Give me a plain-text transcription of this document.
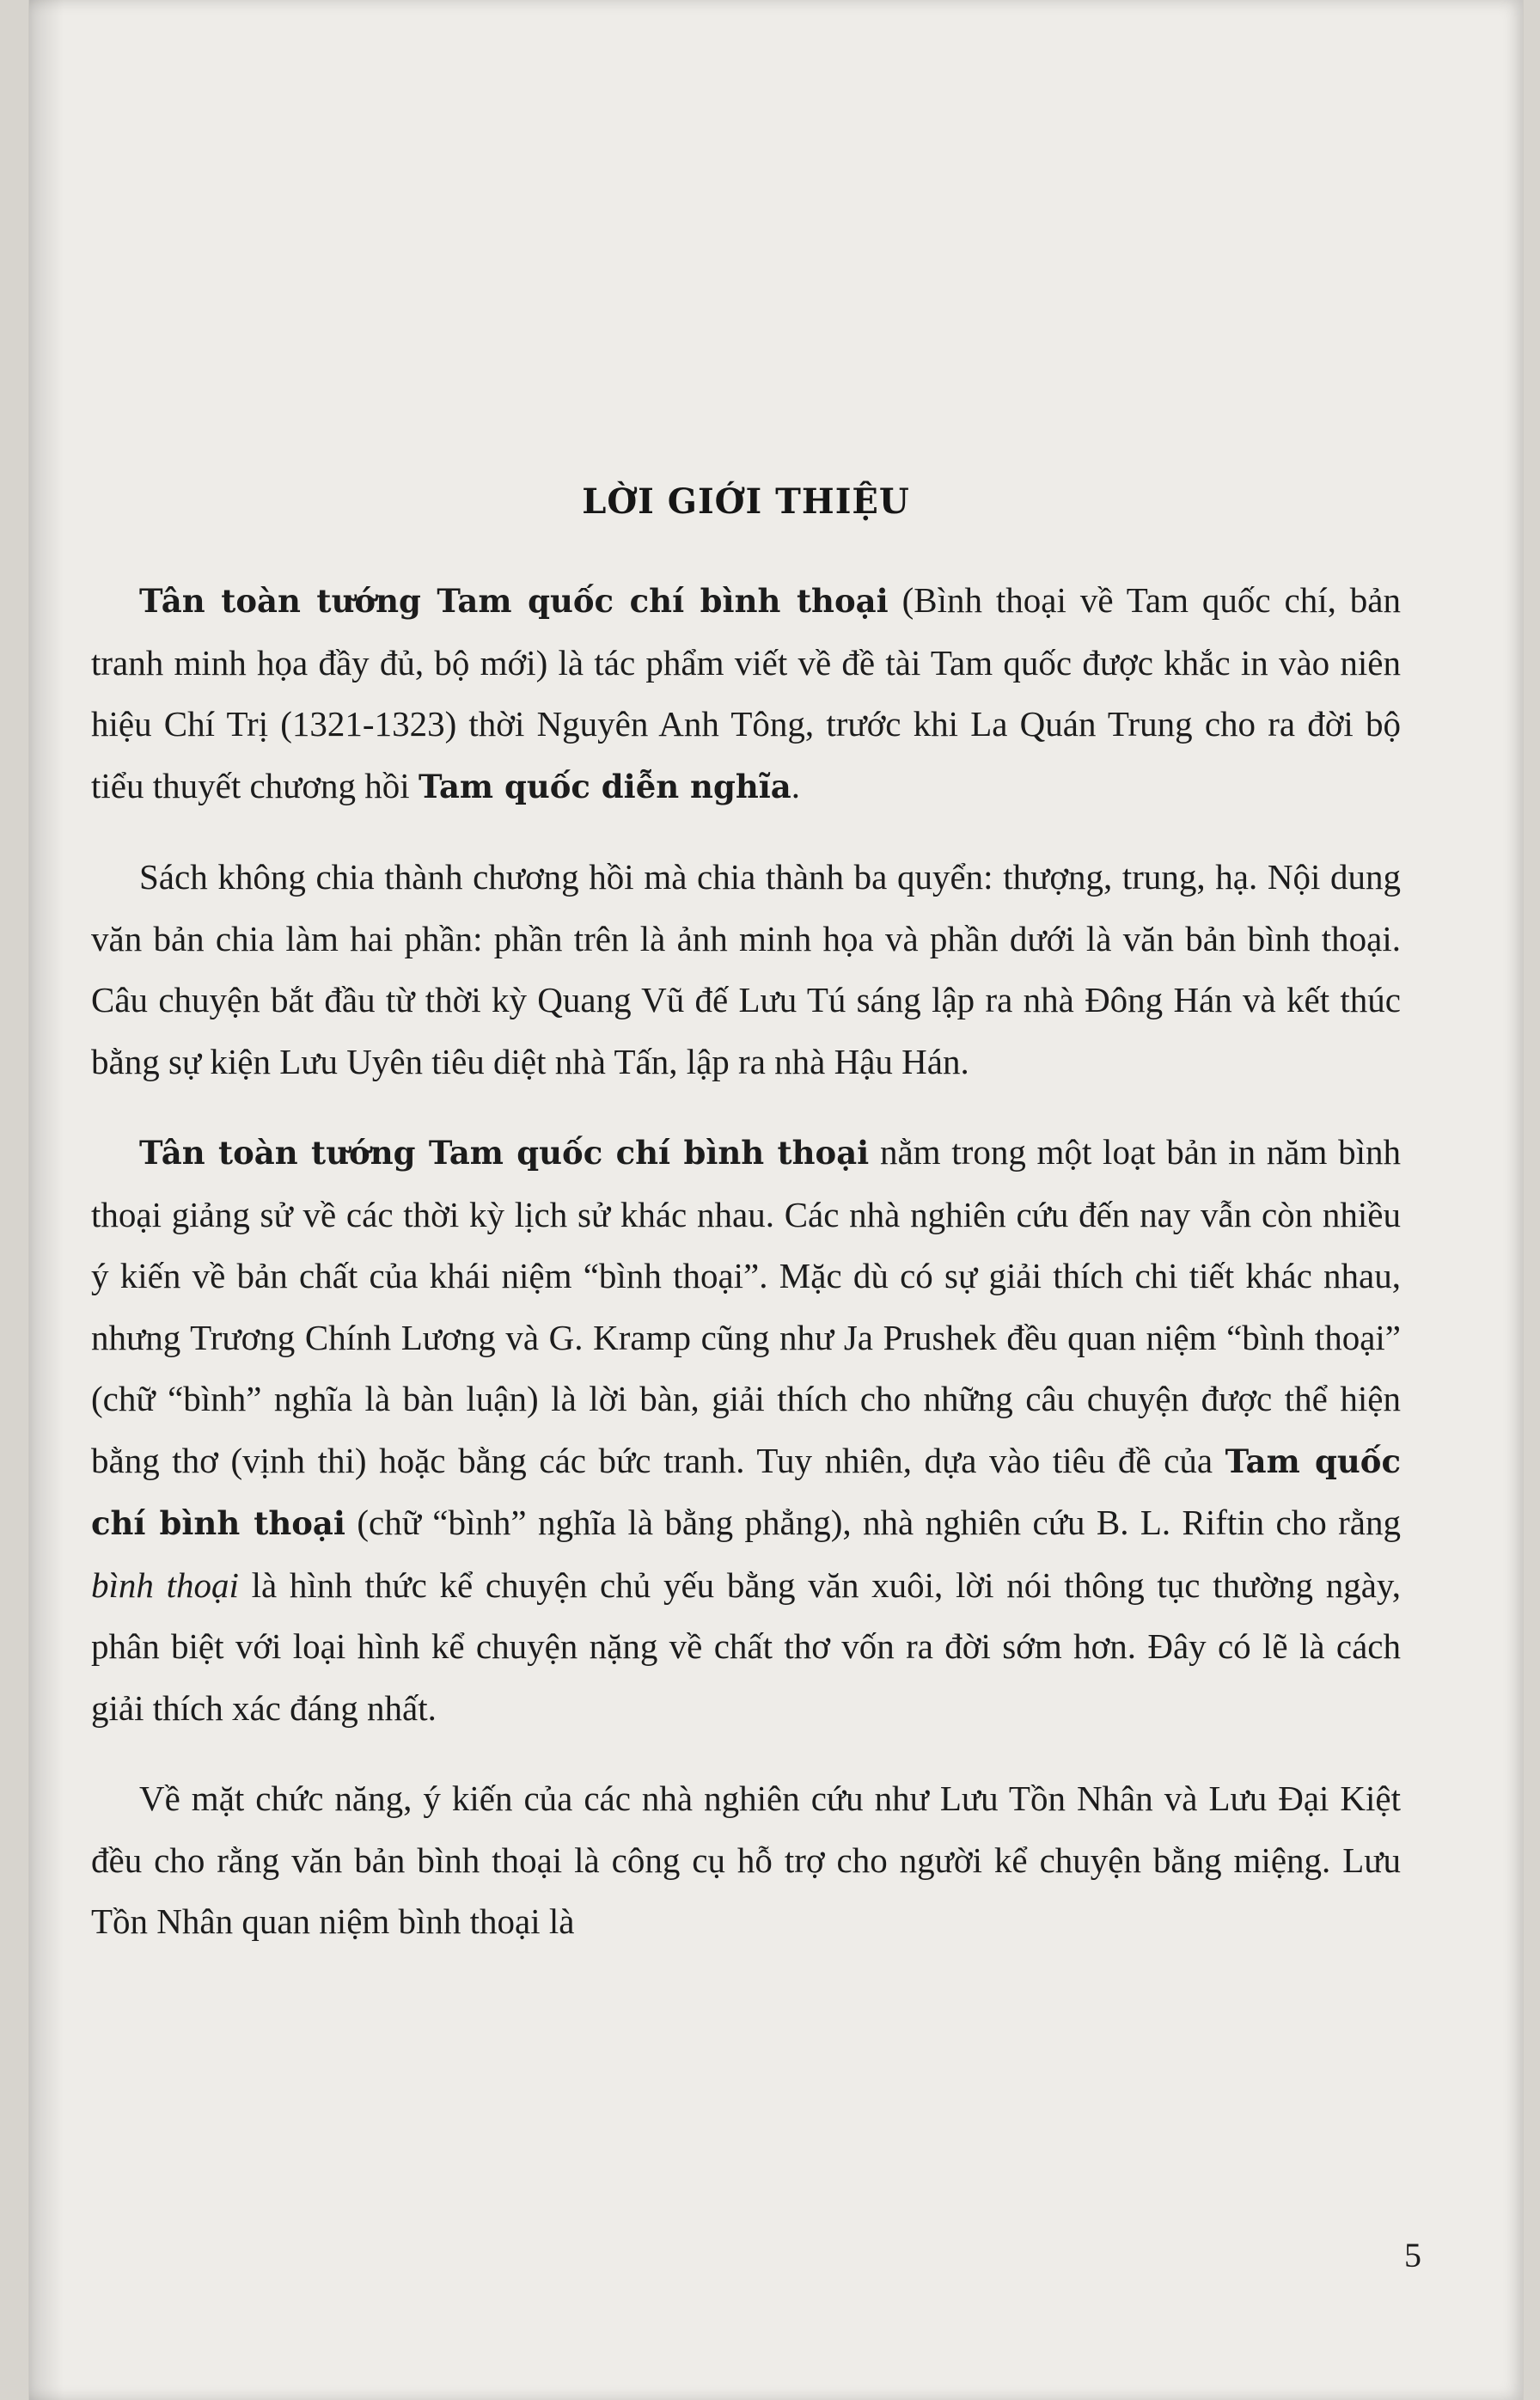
LỜI GIỚI THIỆU

Tân toàn tướng Tam quốc chí bình thoại (Bình thoại về Tam quốc chí, bản tranh minh họa đầy đủ, bộ mới) là tác phẩm viết về đề tài Tam quốc được khắc in vào niên hiệu Chí Trị (1321-1323) thời Nguyên Anh Tông, trước khi La Quán Trung cho ra đời bộ tiểu thuyết chương hồi Tam quốc diễn nghĩa.

Sách không chia thành chương hồi mà chia thành ba quyển: thượng, trung, hạ. Nội dung văn bản chia làm hai phần: phần trên là ảnh minh họa và phần dưới là văn bản bình thoại. Câu chuyện bắt đầu từ thời kỳ Quang Vũ đế Lưu Tú sáng lập ra nhà Đông Hán và kết thúc bằng sự kiện Lưu Uyên tiêu diệt nhà Tấn, lập ra nhà Hậu Hán.

Tân toàn tướng Tam quốc chí bình thoại nằm trong một loạt bản in năm bình thoại giảng sử về các thời kỳ lịch sử khác nhau. Các nhà nghiên cứu đến nay vẫn còn nhiều ý kiến về bản chất của khái niệm “bình thoại”. Mặc dù có sự giải thích chi tiết khác nhau, nhưng Trương Chính Lương và G. Kramp cũng như Ja Prushek đều quan niệm “bình thoại” (chữ “bình” nghĩa là bàn luận) là lời bàn, giải thích cho những câu chuyện được thể hiện bằng thơ (vịnh thi) hoặc bằng các bức tranh. Tuy nhiên, dựa vào tiêu đề của Tam quốc chí bình thoại (chữ “bình” nghĩa là bằng phẳng), nhà nghiên cứu B. L. Riftin cho rằng bình thoại là hình thức kể chuyện chủ yếu bằng văn xuôi, lời nói thông tục thường ngày, phân biệt với loại hình kể chuyện nặng về chất thơ vốn ra đời sớm hơn. Đây có lẽ là cách giải thích xác đáng nhất.

Về mặt chức năng, ý kiến của các nhà nghiên cứu như Lưu Tồn Nhân và Lưu Đại Kiệt đều cho rằng văn bản bình thoại là công cụ hỗ trợ cho người kể chuyện bằng miệng. Lưu Tồn Nhân quan niệm bình thoại là

5
